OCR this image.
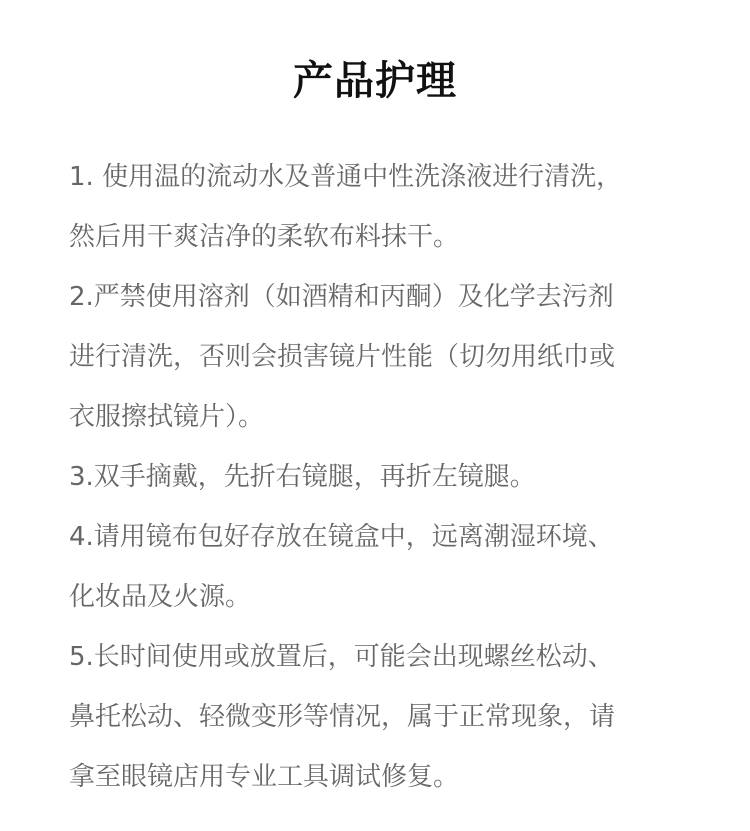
产品护理
1. 使用温的流动水及普通中性洗涤液进行清洗，
然后用干爽洁净的柔软布料抹干。
2.严禁使用溶剂（如酒精和丙酮）及化学去污剂
进行清洗，否则会损害镜片性能（切勿用纸巾或
衣服擦拭镜片）。
3.双手摘戴，先折右镜腿，再折左镜腿。
4.请用镜布包好存放在镜盒中，远离潮湿环境、
化妆品及火源。
5.长时间使用或放置后，可能会出现螺丝松动、
鼻托松动、轻微变形等情况，属于正常现象，请
拿至眼镜店用专业工具调试修复。
